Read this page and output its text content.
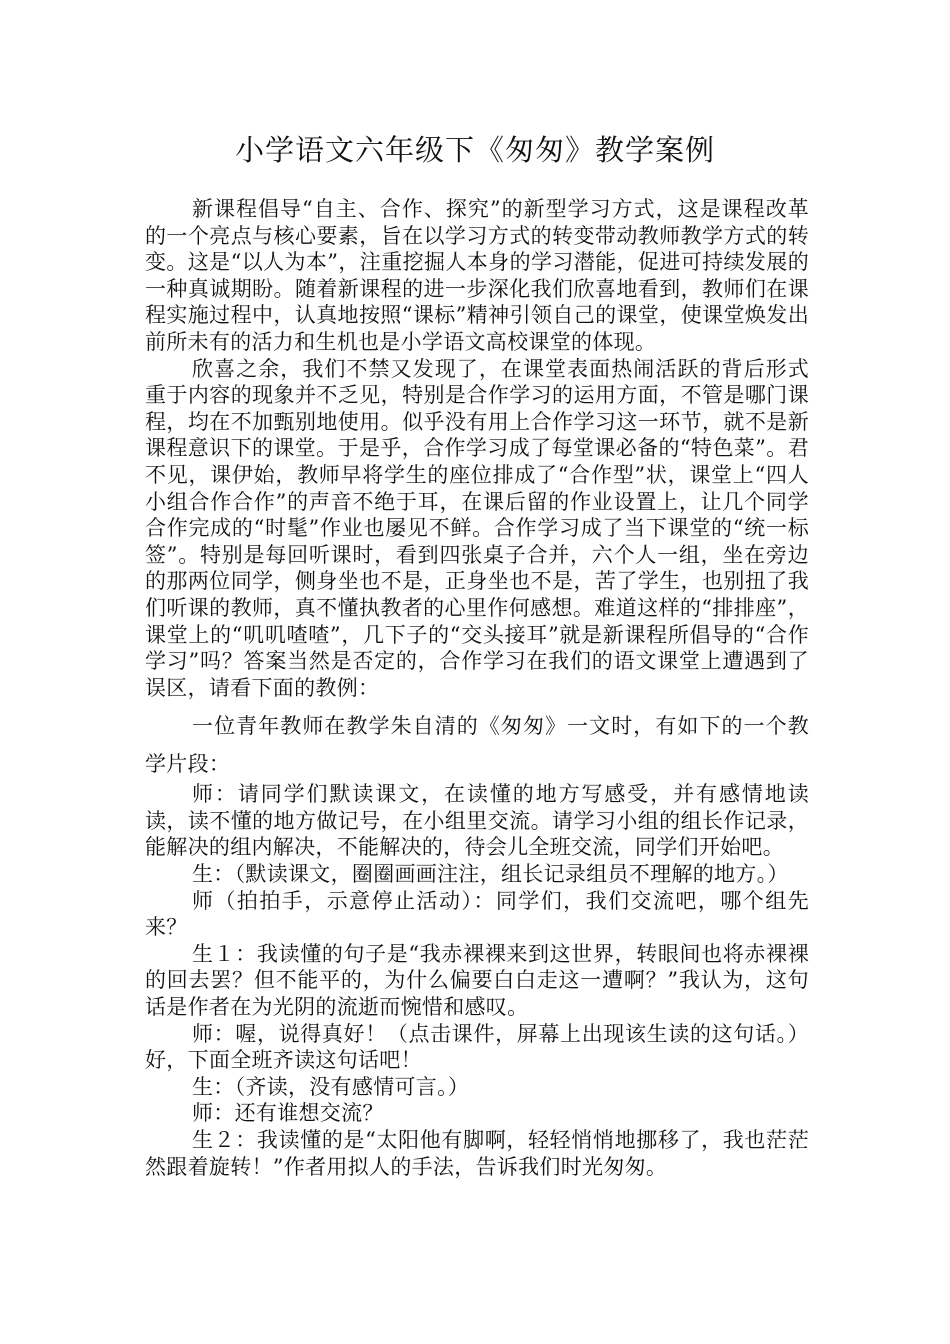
小学语文六年级下《匆匆》教学案例

新课程倡导“自主、合作、探究”的新型学习方式，这是课程改革的一个亮点与核心要素，旨在以学习方式的转变带动教师教学方式的转变。这是“以人为本”，注重挖掘人本身的学习潜能，促进可持续发展的一种真诚期盼。随着新课程的进一步深化我们欣喜地看到，教师们在课程实施过程中，认真地按照“课标”精神引领自己的课堂，使课堂焕发出前所未有的活力和生机也是小学语文高校课堂的体现。

欣喜之余，我们不禁又发现了，在课堂表面热闹活跃的背后形式重于内容的现象并不乏见，特别是合作学习的运用方面，不管是哪门课程，均在不加甄别地使用。似乎没有用上合作学习这一环节，就不是新课程意识下的课堂。于是乎，合作学习成了每堂课必备的“特色菜”。君不见，课伊始，教师早将学生的座位排成了“合作型”状，课堂上“四人小组合作合作”的声音不绝于耳，在课后留的作业设置上，让几个同学合作完成的“时髦”作业也屡见不鲜。合作学习成了当下课堂的“统一标签”。特别是每回听课时，看到四张桌子合并，六个人一组，坐在旁边的那两位同学，侧身坐也不是，正身坐也不是，苦了学生，也别扭了我们听课的教师，真不懂执教者的心里作何感想。难道这样的“排排座”，课堂上的“叽叽喳喳”，几下子的“交头接耳”就是新课程所倡导的“合作学习”吗？答案当然是否定的，合作学习在我们的语文课堂上遭遇到了误区，请看下面的教例：

一位青年教师在教学朱自清的《匆匆》一文时，有如下的一个教学片段：

师：请同学们默读课文，在读懂的地方写感受，并有感情地读读，读不懂的地方做记号，在小组里交流。请学习小组的组长作记录，能解决的组内解决，不能解决的，待会儿全班交流，同学们开始吧。

生：（默读课文，圈圈画画注注，组长记录组员不理解的地方。）

师（拍拍手，示意停止活动）：同学们，我们交流吧，哪个组先来？

生１：我读懂的句子是“我赤裸裸来到这世界，转眼间也将赤裸裸的回去罢？但不能平的，为什么偏要白白走这一遭啊？”我认为，这句话是作者在为光阴的流逝而惋惜和感叹。

师：喔，说得真好！（点击课件，屏幕上出现该生读的这句话。）好，下面全班齐读这句话吧！

生：（齐读，没有感情可言。）

师：还有谁想交流？

生２：我读懂的是“太阳他有脚啊，轻轻悄悄地挪移了，我也茫茫然跟着旋转！”作者用拟人的手法，告诉我们时光匆匆。
